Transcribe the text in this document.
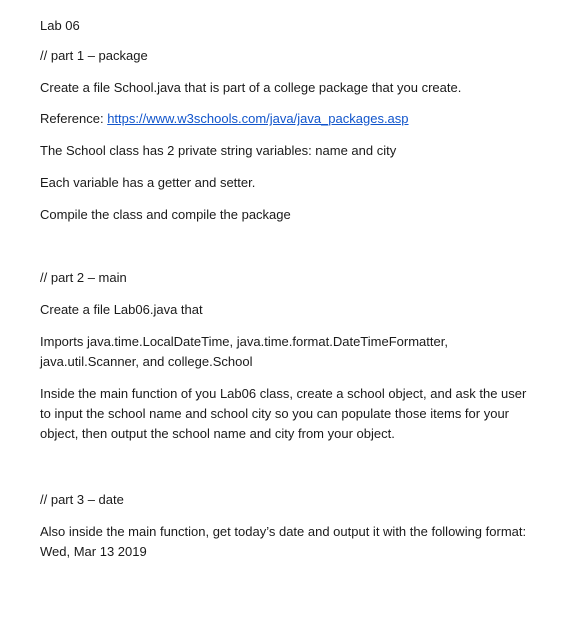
Lab 06

// part 1 – package

Create a file School.java that is part of a college package that you create.

Reference: https://www.w3schools.com/java/java_packages.asp

The School class has 2 private string variables: name and city

Each variable has a getter and setter.

Compile the class and compile the package

// part 2 – main

Create a file Lab06.java that

Imports java.time.LocalDateTime, java.time.format.DateTimeFormatter, java.util.Scanner, and college.School

Inside the main function of you Lab06 class, create a school object, and ask the user to input the school name and school city so you can populate those items for your object, then output the school name and city from your object.

// part 3 – date

Also inside the main function, get today’s date and output it with the following format: Wed, Mar 13 2019
